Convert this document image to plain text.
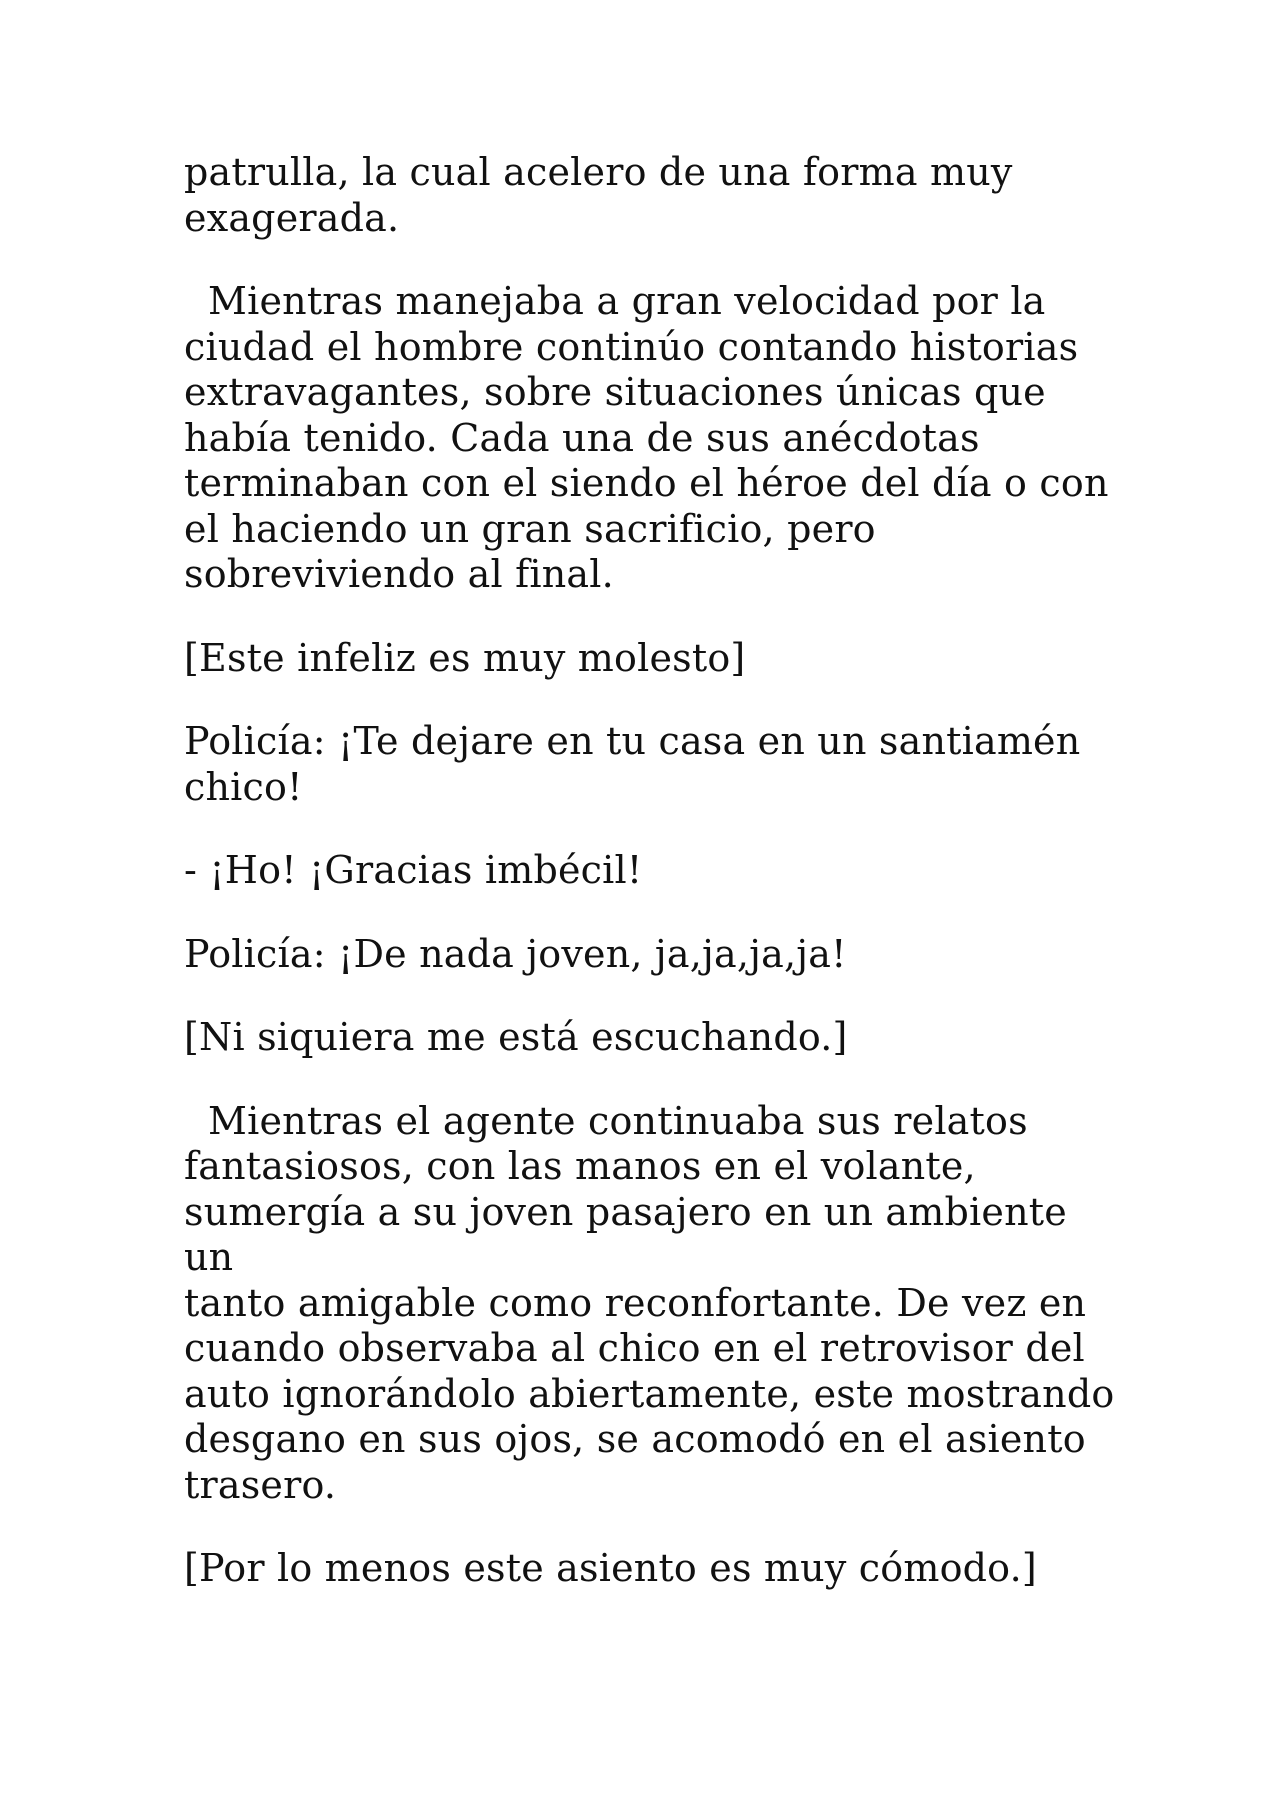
patrulla, la cual acelero de una forma muy
exagerada.

Mientras manejaba a gran velocidad por la
ciudad el hombre continúo contando historias
extravagantes, sobre situaciones únicas que
había tenido. Cada una de sus anécdotas
terminaban con el siendo el héroe del día o con
el haciendo un gran sacrificio, pero
sobreviviendo al final.

[Este infeliz es muy molesto]

Policía: ¡Te dejare en tu casa en un santiamén
chico!

- ¡Ho! ¡Gracias imbécil!

Policía: ¡De nada joven, ja,ja,ja,ja!

[Ni siquiera me está escuchando.]

Mientras el agente continuaba sus relatos
fantasiosos, con las manos en el volante,
sumergía a su joven pasajero en un ambiente un
tanto amigable como reconfortante. De vez en
cuando observaba al chico en el retrovisor del
auto ignorándolo abiertamente, este mostrando
desgano en sus ojos, se acomodó en el asiento
trasero.

[Por lo menos este asiento es muy cómodo.]
